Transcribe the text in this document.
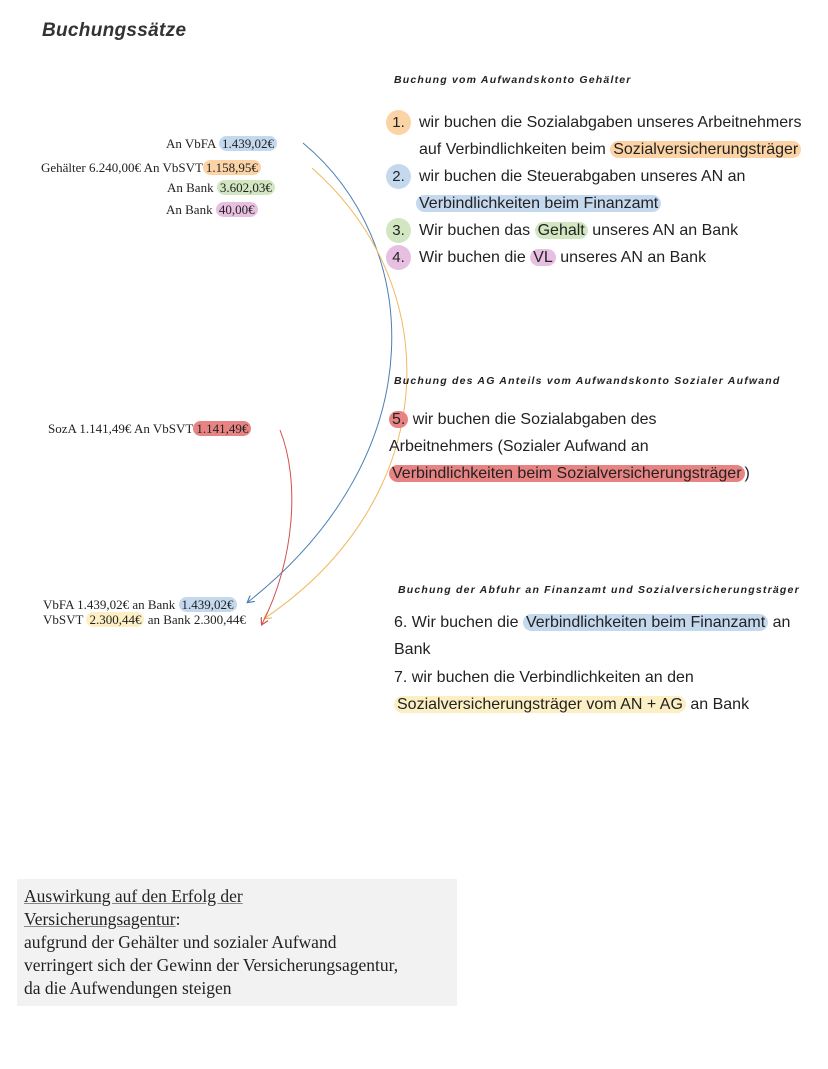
Buchungssätze
An VbFA 1.439,02€
Gehälter 6.240,00€ An VbSVT 1.158,95€
An Bank 3.602,03€
An Bank 40,00€
SozA 1.141,49€ An VbSVT 1.141,49€
VbFA 1.439,02€ an Bank 1.439,02€
VbSVT 2.300,44€ an Bank 2.300,44€
Buchung vom Aufwandskonto Gehälter
1. wir buchen die Sozialabgaben unseres Arbeitnehmers
auf Verbindlichkeiten beim Sozialversicherungsträger
2. wir buchen die Steuerabgaben unseres AN an
Verbindlichkeiten beim Finanzamt
3. Wir buchen das Gehalt unseres AN an Bank
4. Wir buchen die VL unseres AN an Bank
Buchung des AG Anteils vom Aufwandskonto Sozialer Aufwand
5. wir buchen die Sozialabgaben des
Arbeitnehmers (Sozialer Aufwand an
Verbindlichkeiten beim Sozialversicherungsträger )
Buchung der Abfuhr an Finanzamt und Sozialversicherungsträger
6. Wir buchen die Verbindlichkeiten beim Finanzamt an
Bank
7. wir buchen die Verbindlichkeiten an den
Sozialversicherungsträger vom AN + AG an Bank
Auswirkung auf den Erfolg der
Versicherungsagentur:
aufgrund der Gehälter und sozialer Aufwand
verringert sich der Gewinn der Versicherungsagentur,
da die Aufwendungen steigen
